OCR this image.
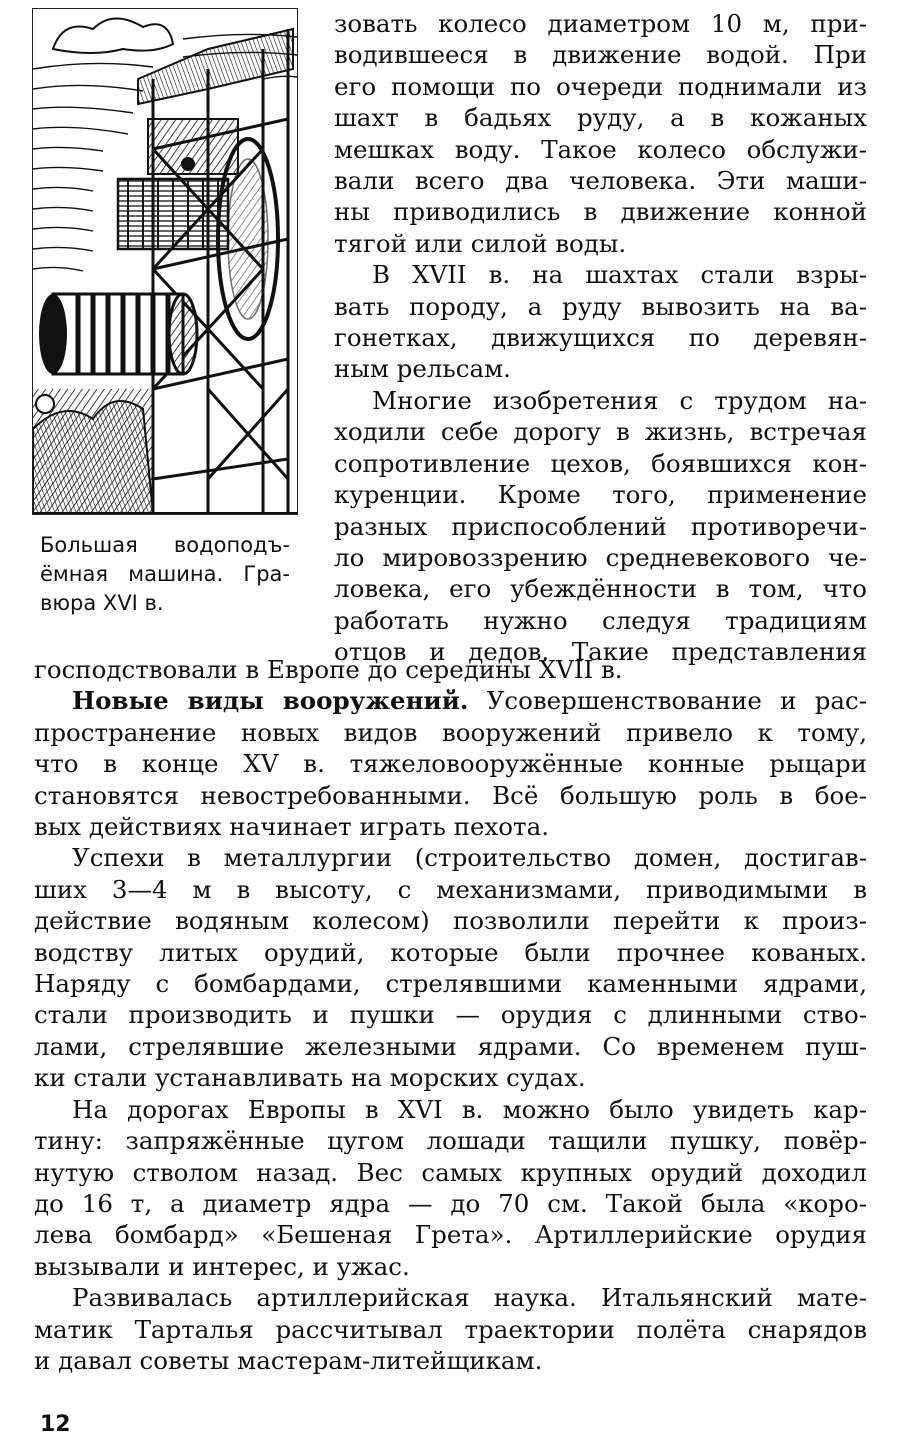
Большая водоподъ-
ёмная машина. Гра-
вюра XVI в.
зовать колесо диаметром 10 м, при-
водившееся в движение водой. При
его помощи по очереди поднимали из
шахт в бадьях руду, а в кожаных
мешках воду. Такое колесо обслужи-
вали всего два человека. Эти маши-
ны приводились в движение конной
тягой или силой воды.
В XVII в. на шахтах стали взры-
вать породу, а руду вывозить на ва-
гонетках, движущихся по деревян-
ным рельсам.
Многие изобретения с трудом на-
ходили себе дорогу в жизнь, встречая
сопротивление цехов, боявшихся кон-
куренции. Кроме того, применение
разных приспособлений противоречи-
ло мировоззрению средневекового че-
ловека, его убеждённости в том, что
работать нужно следуя традициям
отцов и дедов. Такие представления
господствовали в Европе до середины XVII в.
Новые виды вооружений. Усовершенствование и рас-
пространение новых видов вооружений привело к тому,
что в конце XV в. тяжеловооружённые конные рыцари
становятся невостребованными. Всё большую роль в бое-
вых действиях начинает играть пехота.
Успехи в металлургии (строительство домен, достигав-
ших 3—4 м в высоту, с механизмами, приводимыми в
действие водяным колесом) позволили перейти к произ-
водству литых орудий, которые были прочнее кованых.
Наряду с бомбардами, стрелявшими каменными ядрами,
стали производить и пушки — орудия с длинными ство-
лами, стрелявшие железными ядрами. Со временем пуш-
ки стали устанавливать на морских судах.
На дорогах Европы в XVI в. можно было увидеть кар-
тину: запряжённые цугом лошади тащили пушку, повёр-
нутую стволом назад. Вес самых крупных орудий доходил
до 16 т, а диаметр ядра — до 70 см. Такой была «коро-
лева бомбард» «Бешеная Грета». Артиллерийские орудия
вызывали и интерес, и ужас.
Развивалась артиллерийская наука. Итальянский мате-
матик Тарталья рассчитывал траектории полёта снарядов
и давал советы мастерам-литейщикам.
12
